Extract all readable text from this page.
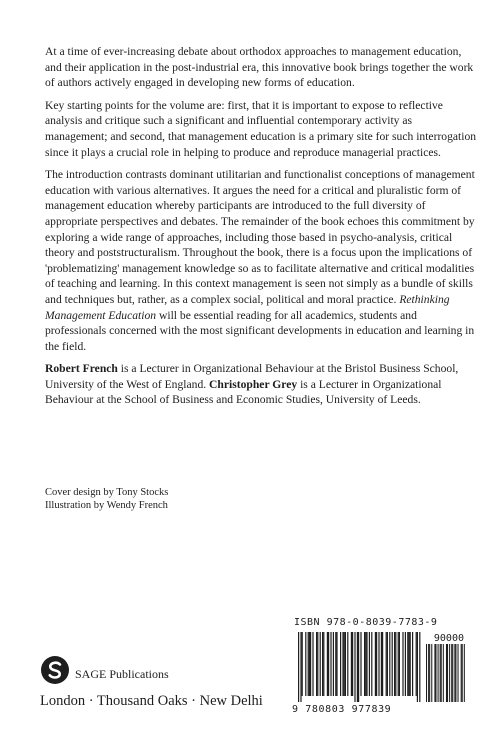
At a time of ever-increasing debate about orthodox approaches to management education, and their application in the post-industrial era, this innovative book brings together the work of authors actively engaged in developing new forms of education.

Key starting points for the volume are: first, that it is important to expose to reflective analysis and critique such a significant and influential contemporary activity as management; and second, that management education is a primary site for such interrogation since it plays a crucial role in helping to produce and reproduce managerial practices.

The introduction contrasts dominant utilitarian and functionalist conceptions of management education with various alternatives. It argues the need for a critical and pluralistic form of management education whereby participants are introduced to the full diversity of appropriate perspectives and debates. The remainder of the book echoes this commitment by exploring a wide range of approaches, including those based in psycho-analysis, critical theory and poststructuralism. Throughout the book, there is a focus upon the implications of 'problematizing' management knowledge so as to facilitate alternative and critical modalities of teaching and learning. In this context management is seen not simply as a bundle of skills and techniques but, rather, as a complex social, political and moral practice. Rethinking Management Education will be essential reading for all academics, students and professionals concerned with the most significant developments in education and learning in the field.

Robert French is a Lecturer in Organizational Behaviour at the Bristol Business School, University of the West of England. Christopher Grey is a Lecturer in Organizational Behaviour at the School of Business and Economic Studies, University of Leeds.

Cover design by Tony Stocks
Illustration by Wendy French
SAGE Publications
London · Thousand Oaks · New Delhi
ISBN 978-0-8039-7783-9
90000
9 780803 977839
